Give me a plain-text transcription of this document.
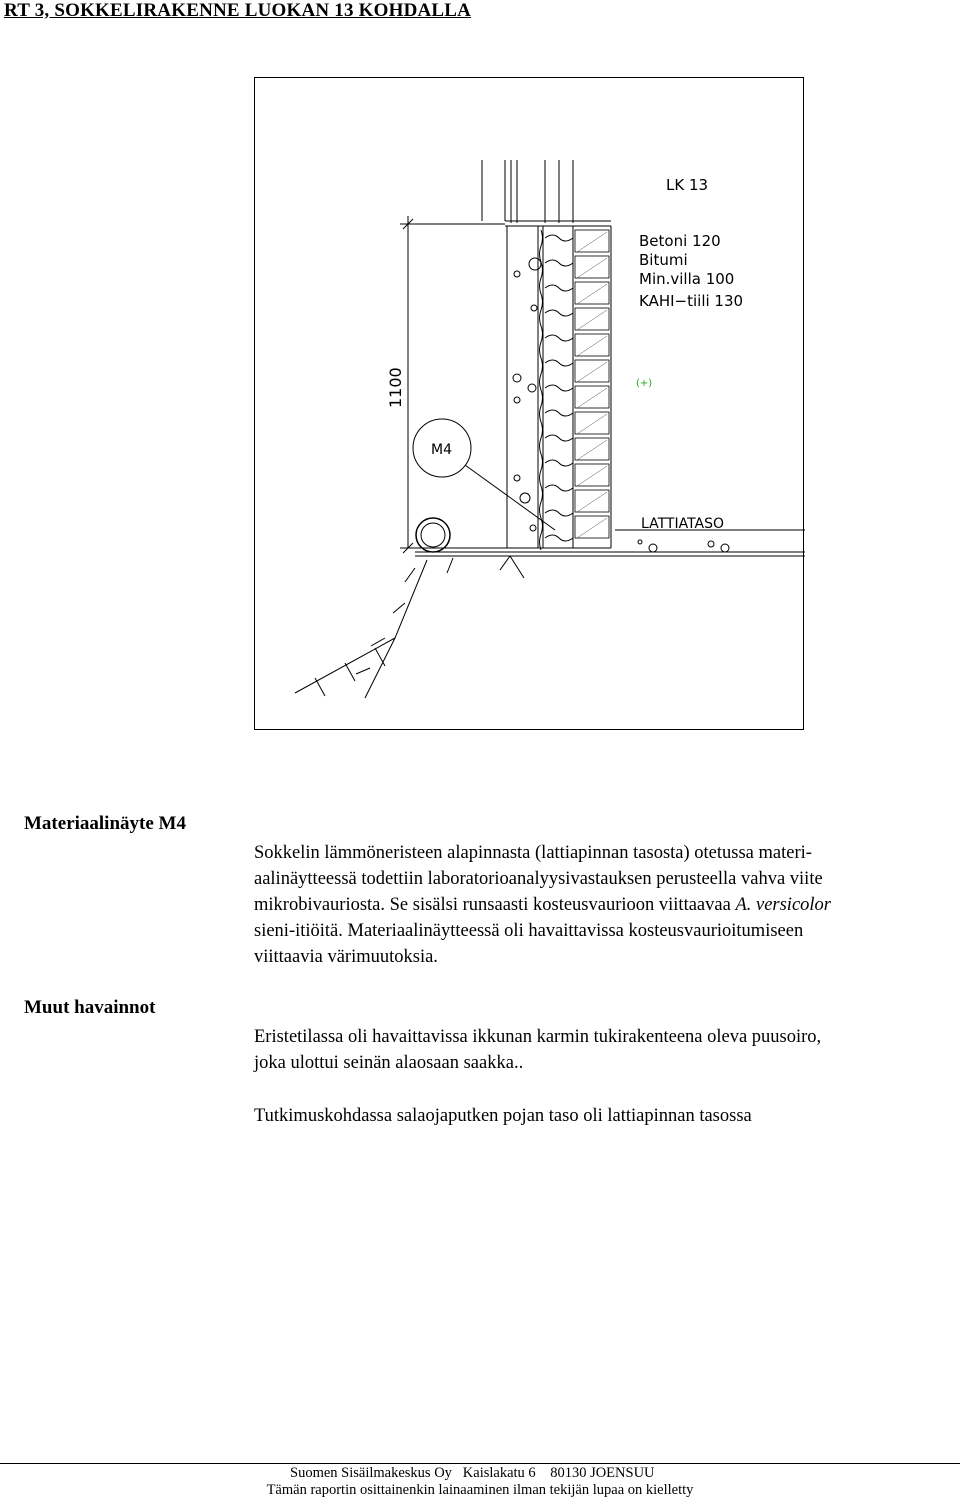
RT 3, SOKKELIRAKENNE LUOKAN 13 KOHDALLA
LK 13
Betoni 120
Bitumi
Min.villa 100
KAHI−tiili 130
(+)
1100
M4
LATTIATASO
Materiaalinäyte M4
Sokkelin lämmöneristeen alapinnasta (lattiapinnan tasosta) otetussa materi-
aalinäytteessä todettiin laboratorioanalyysivastauksen perusteella vahva viite
mikrobivauriosta. Se sisälsi runsaasti kosteusvaurioon viittaavaa A. versicolor
sieni-itiöitä. Materiaalinäytteessä oli havaittavissa kosteusvaurioitumiseen
viittaavia värimuutoksia.
Muut havainnot
Eristetilassa oli havaittavissa ikkunan karmin tukirakenteena oleva puusoiro,
joka ulottui seinän alaosaan saakka..
Tutkimuskohdassa salaojaputken pojan taso oli lattiapinnan tasossa
Suomen Sisäilmakeskus Oy Kaislakatu 6 80130 JOENSUU
Tämän raportin osittainenkin lainaaminen ilman tekijän lupaa on kielletty
